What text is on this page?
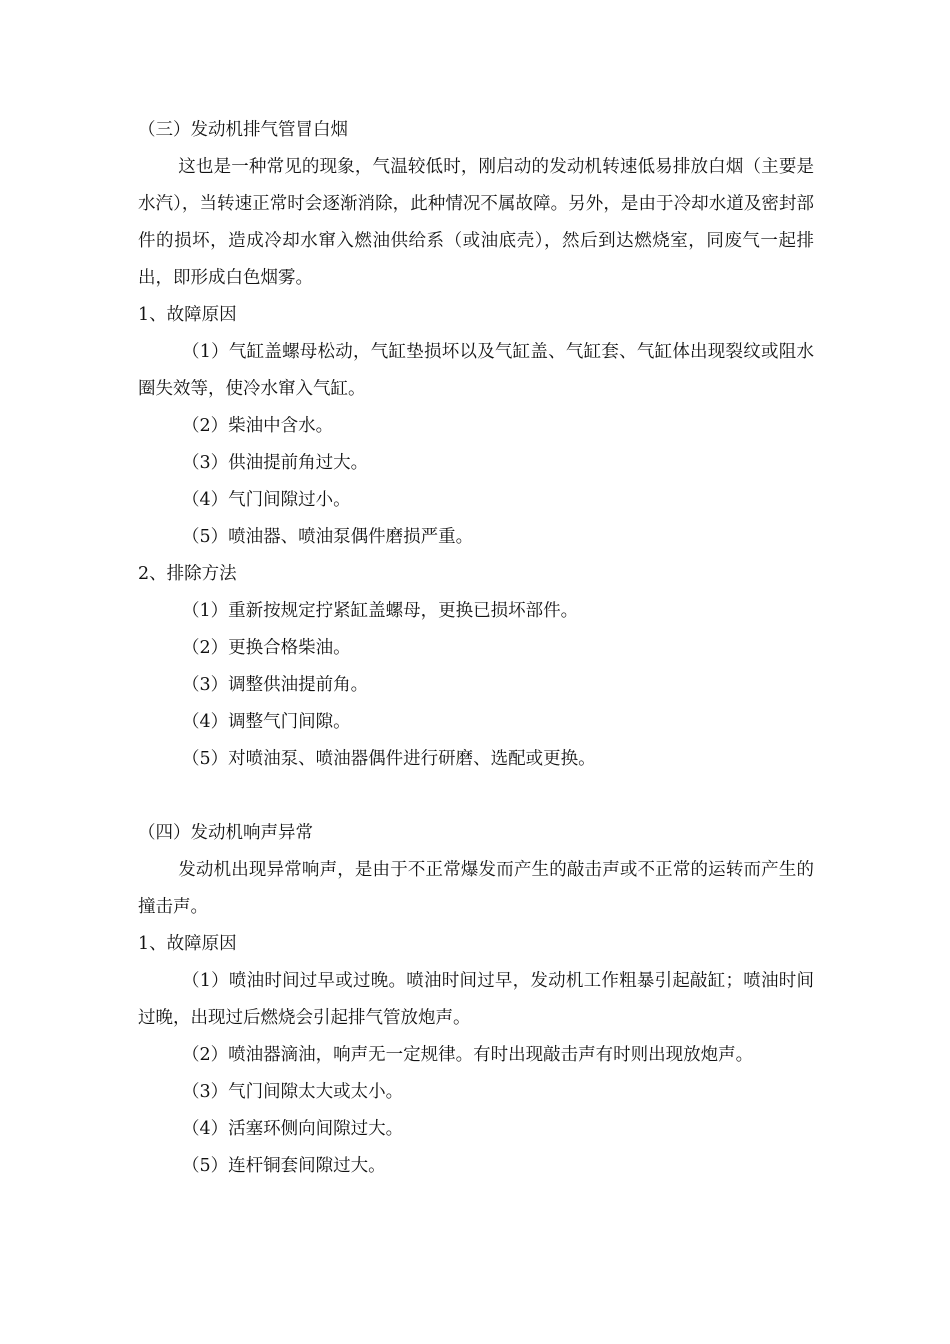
（三）发动机排气管冒白烟

这也是一种常见的现象，气温较低时，刚启动的发动机转速低易排放白烟（主要是水汽），当转速正常时会逐渐消除，此种情况不属故障。另外，是由于冷却水道及密封部件的损坏，造成冷却水窜入燃油供给系（或油底壳），然后到达燃烧室，同废气一起排出，即形成白色烟雾。

1、故障原因

（1）气缸盖螺母松动，气缸垫损坏以及气缸盖、气缸套、气缸体出现裂纹或阻水圈失效等，使冷水窜入气缸。

（2）柴油中含水。

（3）供油提前角过大。

（4）气门间隙过小。

（5）喷油器、喷油泵偶件磨损严重。

2、排除方法

（1）重新按规定拧紧缸盖螺母，更换已损坏部件。

（2）更换合格柴油。

（3）调整供油提前角。

（4）调整气门间隙。

（5）对喷油泵、喷油器偶件进行研磨、选配或更换。

（四）发动机响声异常

发动机出现异常响声，是由于不正常爆发而产生的敲击声或不正常的运转而产生的撞击声。

1、故障原因

（1）喷油时间过早或过晚。喷油时间过早，发动机工作粗暴引起敲缸；喷油时间过晚，出现过后燃烧会引起排气管放炮声。

（2）喷油器滴油，响声无一定规律。有时出现敲击声有时则出现放炮声。

（3）气门间隙太大或太小。

（4）活塞环侧向间隙过大。

（5）连杆铜套间隙过大。
